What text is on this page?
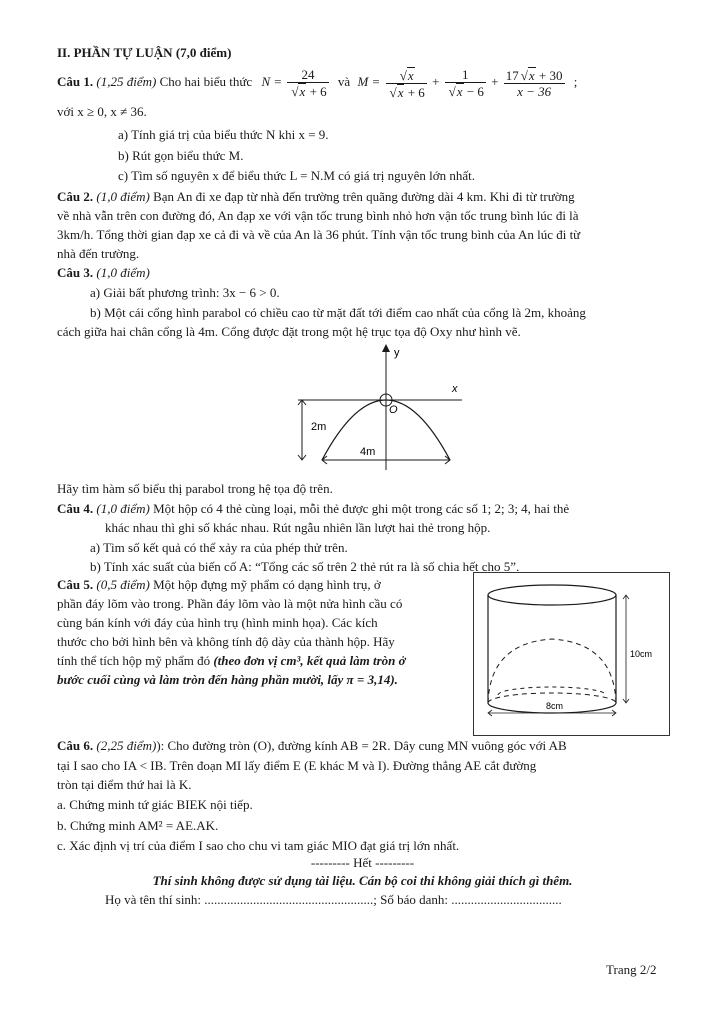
II. PHẦN TỰ LUẬN (7,0 điểm)
Câu 1. (1,25 điểm) Cho hai biểu thức N = 24
√ x + 6 và M = √ x
√ x + 6 + 1
√ $x - 6 + \frac{17 √ x + 30}{x - 36}$ ;
với x ≥ 0, x ≠ 36.
a) Tính giá trị của biểu thức N khi x = 9.
b) Rút gọn biểu thức M.
c) Tìm số nguyên x để biểu thức L = N.M có giá trị nguyên lớn nhất.
Câu 2. (1,0 điểm) Bạn An đi xe đạp từ nhà đến trường trên quãng đường dài 4 km. Khi đi từ trường
về nhà vẫn trên con đường đó, An đạp xe với vận tốc trung bình nhỏ hơn vận tốc trung bình lúc đi là
3km/h. Tổng thời gian đạp xe cả đi và về của An là 36 phút. Tính vận tốc trung bình của An lúc đi từ
nhà đến trường.
Câu 3. (1,0 điểm)
a) Giải bất phương trình: 3x − 6 > 0.
b) Một cái cổng hình parabol có chiều cao từ mặt đất tới điểm cao nhất của cổng là 2m, khoảng
cách giữa hai chân cổng là 4m. Cổng được đặt trong một hệ trục tọa độ Oxy như hình vẽ.
y
x
O
2m
4m
Hãy tìm hàm số biểu thị parabol trong hệ tọa độ trên.
Câu 4. (1,0 điểm) Một hộp có 4 thẻ cùng loại, mỗi thẻ được ghi một trong các số 1; 2; 3; 4, hai thẻ
khác nhau thì ghi số khác nhau. Rút ngẫu nhiên lần lượt hai thẻ trong hộp.
a) Tìm số kết quả có thể xảy ra của phép thử trên.
b) Tính xác suất của biến cố A: “Tổng các số trên 2 thẻ rút ra là số chia hết cho 5”.
Câu 5. (0,5 điểm) Một hộp đựng mỹ phẩm có dạng hình trụ, ở
phần đáy lõm vào trong. Phần đáy lõm vào là một nửa hình cầu có
cùng bán kính với đáy của hình trụ (hình minh họa). Các kích
thước cho bởi hình bên và không tính độ dày của thành hộp. Hãy
tính thể tích hộp mỹ phẩm đó (theo đơn vị cm³, kết quả làm tròn ở
bước cuối cùng và làm tròn đến hàng phần mười, lấy π = 3,14).
8cm
10cm
Câu 6. (2,25 điểm)): Cho đường tròn (O), đường kính AB = 2R. Dây cung MN vuông góc với AB
tại I sao cho IA < IB. Trên đoạn MI lấy điểm E (E khác M và I). Đường thẳng AE cắt đường
tròn tại điểm thứ hai là K.
a. Chứng minh tứ giác BIEK nội tiếp.
b. Chứng minh AM² = AE.AK.
c. Xác định vị trí của điểm I sao cho chu vi tam giác MIO đạt giá trị lớn nhất.
--------- Hết ---------
Thí sinh không được sử dụng tài liệu. Cán bộ coi thi không giải thích gì thêm.
Họ và tên thí sinh: ....................................................; Số báo danh: ..................................
Trang 2/2
